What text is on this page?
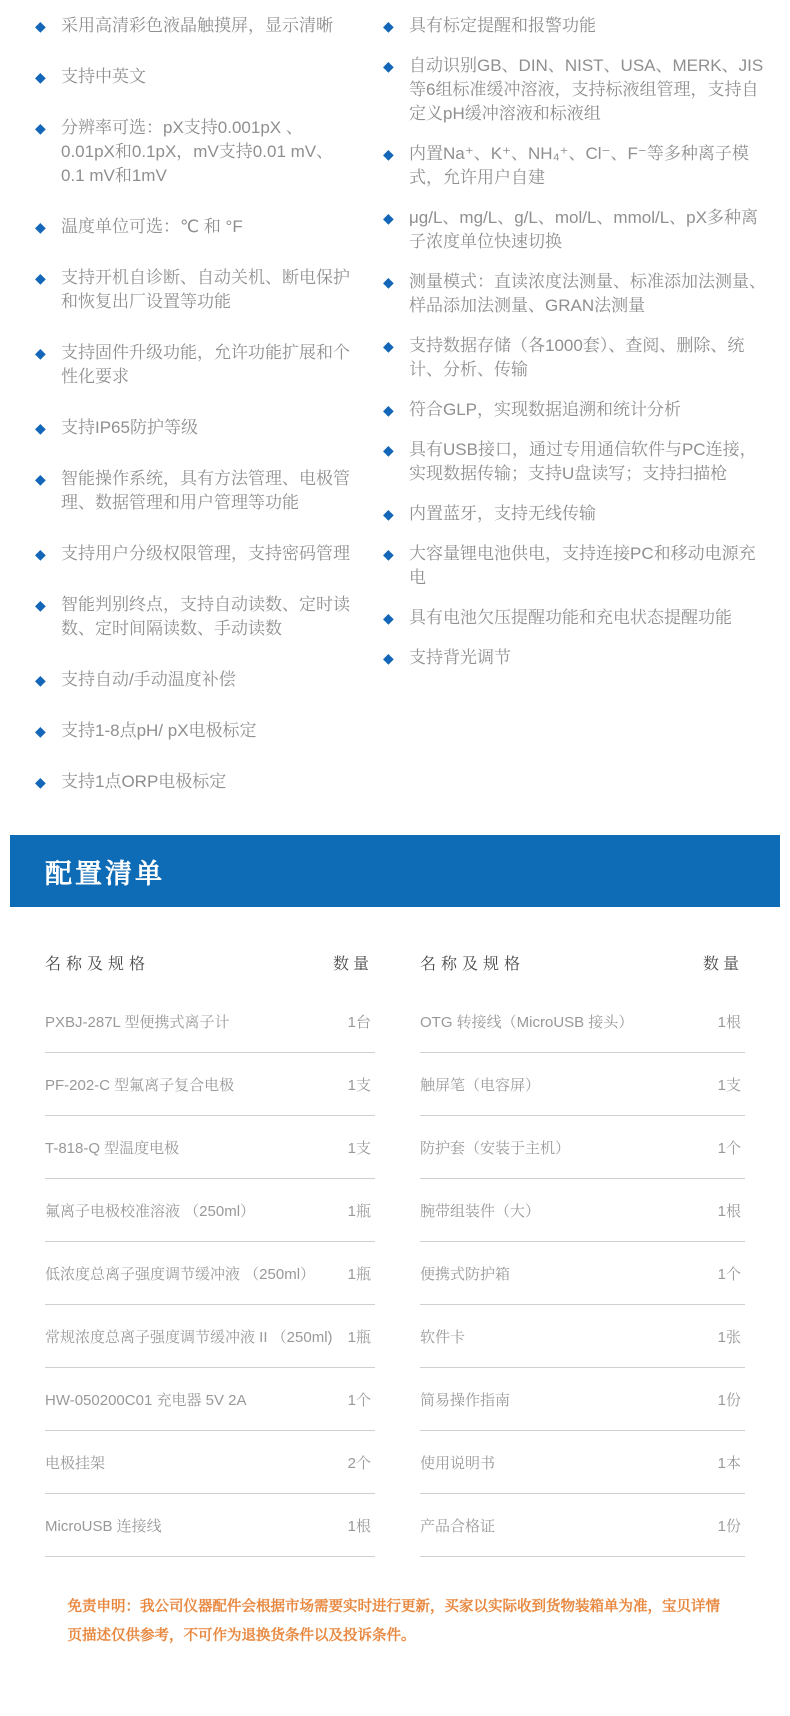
◆ 采用高清彩色液晶触摸屏，显示清晰
◆ 支持中英文
◆ 分辨率可选：pX支持0.001pX 、0.01pX和0.1pX，mV支持0.01 mV、0.1 mV和1mV
◆ 温度单位可选：℃ 和 °F
◆ 支持开机自诊断、自动关机、断电保护和恢复出厂设置等功能
◆ 支持固件升级功能，允许功能扩展和个性化要求
◆ 支持IP65防护等级
◆ 智能操作系统，具有方法管理、电极管理、数据管理和用户管理等功能
◆ 支持用户分级权限管理，支持密码管理
◆ 智能判别终点，支持自动读数、定时读数、定时间隔读数、手动读数
◆ 支持自动/手动温度补偿
◆ 支持1-8点pH/ pX电极标定
◆ 支持1点ORP电极标定
◆ 具有标定提醒和报警功能
◆ 自动识别GB、DIN、NIST、USA、MERK、JIS等6组标准缓冲溶液，支持标液组管理，支持自定义pH缓冲溶液和标液组
◆ 内置Na⁺、K⁺、NH₄⁺、Cl⁻、F⁻等多种离子模式，允许用户自建
◆ μg/L、mg/L、g/L、mol/L、mmol/L、pX多种离子浓度单位快速切换
◆ 测量模式：直读浓度法测量、标准添加法测量、样品添加法测量、GRAN法测量
◆ 支持数据存储（各1000套）、查阅、删除、统计、分析、传输
◆ 符合GLP，实现数据追溯和统计分析
◆ 具有USB接口，通过专用通信软件与PC连接，实现数据传输；支持U盘读写；支持扫描枪
◆ 内置蓝牙，支持无线传输
◆ 大容量锂电池供电，支持连接PC和移动电源充电
◆ 具有电池欠压提醒功能和充电状态提醒功能
◆ 支持背光调节
配置清单
名称及规格	数量
PXBJ-287L 型便携式离子计	1台
PF-202-C 型氟离子复合电极	1支
T-818-Q 型温度电极	1支
氟离子电极校准溶液 （250ml）	1瓶
低浓度总离子强度调节缓冲液 （250ml）	1瓶
常规浓度总离子强度调节缓冲液 II （250ml)	1瓶
HW-050200C01 充电器 5V 2A	1个
电极挂架	2个
MicroUSB 连接线	1根
名称及规格	数量
OTG 转接线（MicroUSB 接头）	1根
触屏笔（电容屏）	1支
防护套（安装于主机）	1个
腕带组装件（大）	1根
便携式防护箱	1个
软件卡	1张
简易操作指南	1份
使用说明书	1本
产品合格证	1份

免责申明：我公司仪器配件会根据市场需要实时进行更新，买家以实际收到货物装箱单为准，宝贝详情页描述仅供参考，不可作为退换货条件以及投诉条件。
